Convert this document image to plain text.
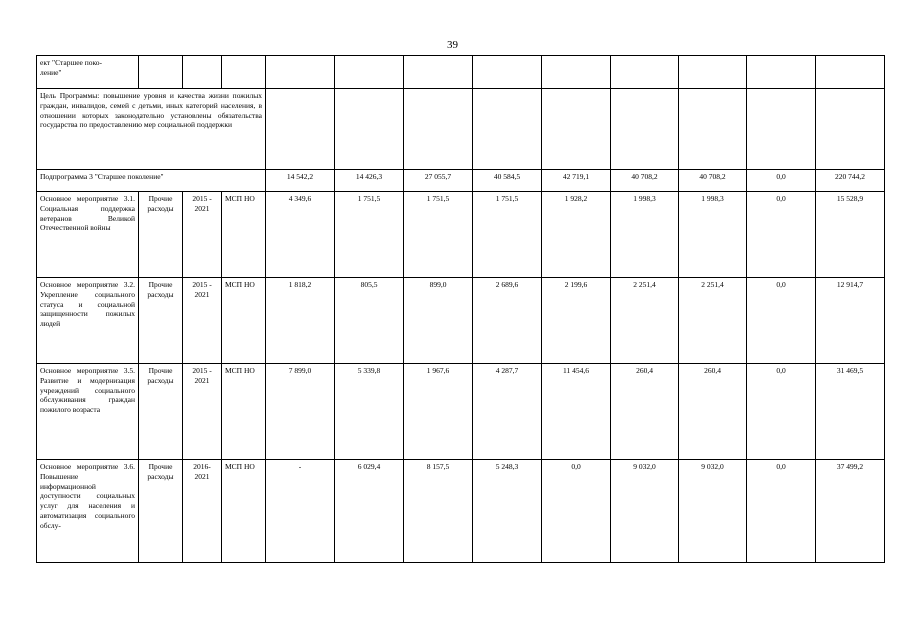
39
ект "Старшее поко-
ление"												
Цель Программы: повышение уровня и качества жизни пожилых граждан, инвалидов, семей с детьми, иных категорий населения, в отношении которых законодательно установлены обязательства государства по предоставлению мер социальной поддержки												
Подпрограмма 3 "Старшее поколение"				14 542,2	14 426,3	27 055,7	40 584,5	42 719,1	40 708,2	40 708,2	0,0	220 744,2
Основное мероприятие 3.1. Социальная поддержка ветеранов Великой Отечественной войны	Прочие расходы	2015 - 2021	МСП НО	4 349,6	1 751,5	1 751,5	1 751,5	1 928,2	1 998,3	1 998,3	0,0	15 528,9
Основное мероприятие 3.2. Укрепление социального статуса и социальной защищенности пожилых людей	Прочие расходы	2015 - 2021	МСП НО	1 818,2	805,5	899,0	2 689,6	2 199,6	2 251,4	2 251,4	0,0	12 914,7
Основное мероприятие 3.5. Развитие и модернизация учреждений социального обслуживания граждан пожилого возраста	Прочие расходы	2015 - 2021	МСП НО	7 899,0	5 339,8	1 967,6	4 287,7	11 454,6	260,4	260,4	0,0	31 469,5
Основное мероприятие 3.6. Повышение информационной доступности социальных услуг для населения и автоматизация социального обслу-	Прочие расходы	2016- 2021	МСП НО	-	6 029,4	8 157,5	5 248,3	0,0	9 032,0	9 032,0	0,0	37 499,2
